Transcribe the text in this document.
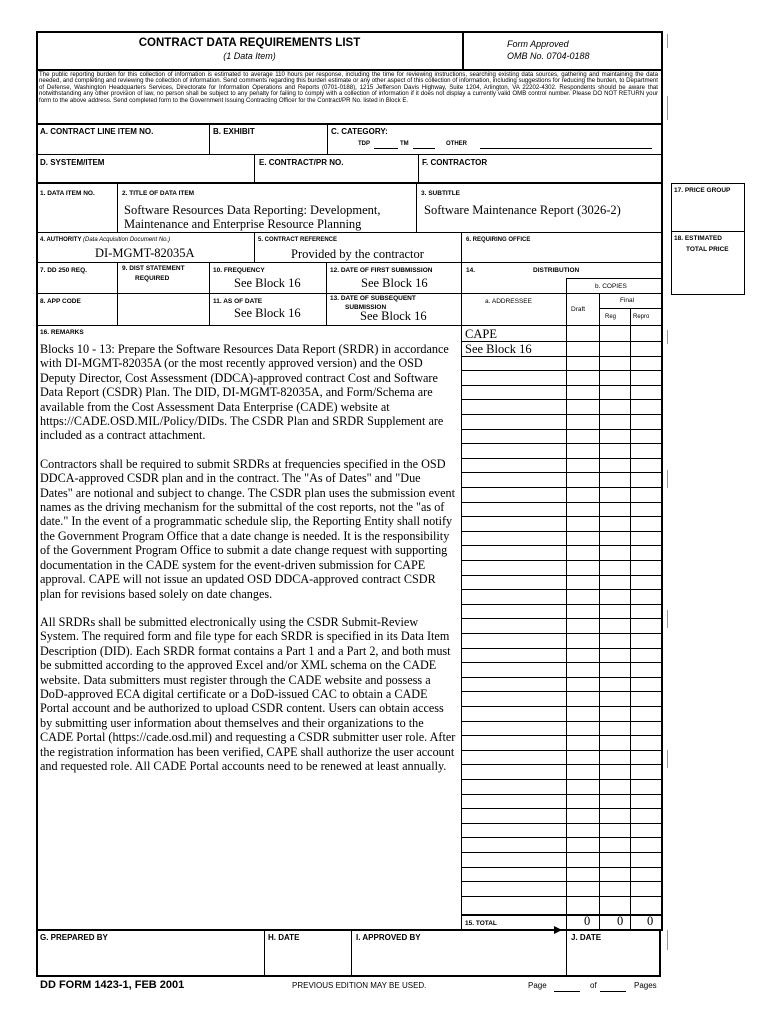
CONTRACT DATA REQUIREMENTS LIST
(1 Data Item)
Form Approved
OMB No. 0704-0188
The public reporting burden for this collection of information is estimated to average 110 hours per response, including the time for reviewing instructions, searching existing data sources, gathering and maintaining the data needed, and completing and reviewing the collection of information. Send comments regarding this burden estimate or any other aspect of this collection of information, including suggestions for reducing the burden, to Department of Defense, Washington Headquarters Services, Directorate for Information Operations and Reports (0701-0188), 1215 Jefferson Davis Highway, Suite 1204, Arlington, VA 22202-4302. Respondents should be aware that notwithstanding any other provision of law, no person shall be subject to any penalty for failing to comply with a collection of information if it does not display a currently valid OMB control number. Please DO NOT RETURN your form to the above address. Send completed form to the Government Issuing Contracting Officer for the Contract/PR No. listed in Block E.
A. CONTRACT LINE ITEM NO.	B. EXHIBIT	C. CATEGORY:
TDP	TM	OTHER
D. SYSTEM/ITEM	E. CONTRACT/PR NO.	F. CONTRACTOR
1. DATA ITEM NO.	2. TITLE OF DATA ITEM
Software Resources Data Reporting: Development, Maintenance and Enterprise Resource Planning
3. SUBTITLE
Software Maintenance Report (3026-2)
17. PRICE GROUP
18. ESTIMATED
TOTAL PRICE
4. AUTHORITY (Data Acquisition Document No.)
DI-MGMT-82035A
5. CONTRACT REFERENCE
Provided by the contractor
6. REQUIRING OFFICE
7. DD 250 REQ.	9. DIST STATEMENT
REQUIRED
10. FREQUENCY
See Block 16
12. DATE OF FIRST SUBMISSION
See Block 16
14.	DISTRIBUTION
b. COPIES
8. APP CODE	11. AS OF DATE
See Block 16
13. DATE OF SUBSEQUENT
SUBMISSION
See Block 16
a. ADDRESSEE
Draft
Final
Reg	Repro
16. REMARKS

Blocks 10 - 13: Prepare the Software Resources Data Report (SRDR) in accordance with DI-MGMT-82035A (or the most recently approved version) and the OSD Deputy Director, Cost Assessment (DDCA)-approved contract Cost and Software Data Report (CSDR) Plan. The DID, DI-MGMT-82035A, and Form/Schema are available from the Cost Assessment Data Enterprise (CADE) website at https://CADE.OSD.MIL/Policy/DIDs. The CSDR Plan and SRDR Supplement are included as a contract attachment.

Contractors shall be required to submit SRDRs at frequencies specified in the OSD DDCA-approved CSDR plan and in the contract. The "As of Dates" and "Due Dates" are notional and subject to change. The CSDR plan uses the submission event names as the driving mechanism for the submittal of the cost reports, not the "as of date." In the event of a programmatic schedule slip, the Reporting Entity shall notify the Government Program Office that a date change is needed. It is the responsibility of the Government Program Office to submit a date change request with supporting documentation in the CADE system for the event-driven submission for CAPE approval. CAPE will not issue an updated OSD DDCA-approved contract CSDR plan for revisions based solely on date changes.

All SRDRs shall be submitted electronically using the CSDR Submit-Review System. The required form and file type for each SRDR is specified in its Data Item Description (DID). Each SRDR format contains a Part 1 and a Part 2, and both must be submitted according to the approved Excel and/or XML schema on the CADE website. Data submitters must register through the CADE website and possess a DoD-approved ECA digital certificate or a DoD-issued CAC to obtain a CADE Portal account and be authorized to upload CSDR content. Users can obtain access by submitting user information about themselves and their organizations to the CADE Portal (https://cade.osd.mil) and requesting a CSDR submitter user role. After the registration information has been verified, CAPE shall authorize the user account and requested role. All CADE Portal accounts need to be renewed at least annually.

CAPE
See Block 16
15. TOTAL	0 0 0
G. PREPARED BY	H. DATE	I. APPROVED BY	J. DATE
DD FORM 1423-1, FEB 2001	PREVIOUS EDITION MAY BE USED.	Page	of	Pages
